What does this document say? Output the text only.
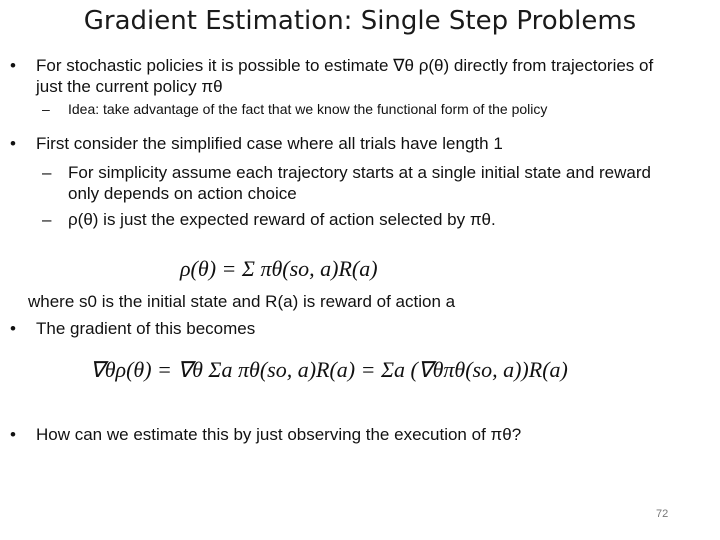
Gradient Estimation: Single Step Problems
• For stochastic policies it is possible to estimate ∇θ ρ(θ) directly from trajectories of
just the current policy πθ
– Idea: take advantage of the fact that we know the functional form of the policy
• First consider the simplified case where all trials have length 1
– For simplicity assume each trajectory starts at a single initial state and reward
only depends on action choice
– ρ(θ) is just the expected reward of action selected by πθ.
ρ(θ) = Σ πθ(so, a)R(a)
where s0 is the initial state and R(a) is reward of action a
• The gradient of this becomes
∇θρ(θ) = ∇θ Σa πθ(so, a)R(a) = Σa (∇θπθ(so, a))R(a)
• How can we estimate this by just observing the execution of πθ?
72
